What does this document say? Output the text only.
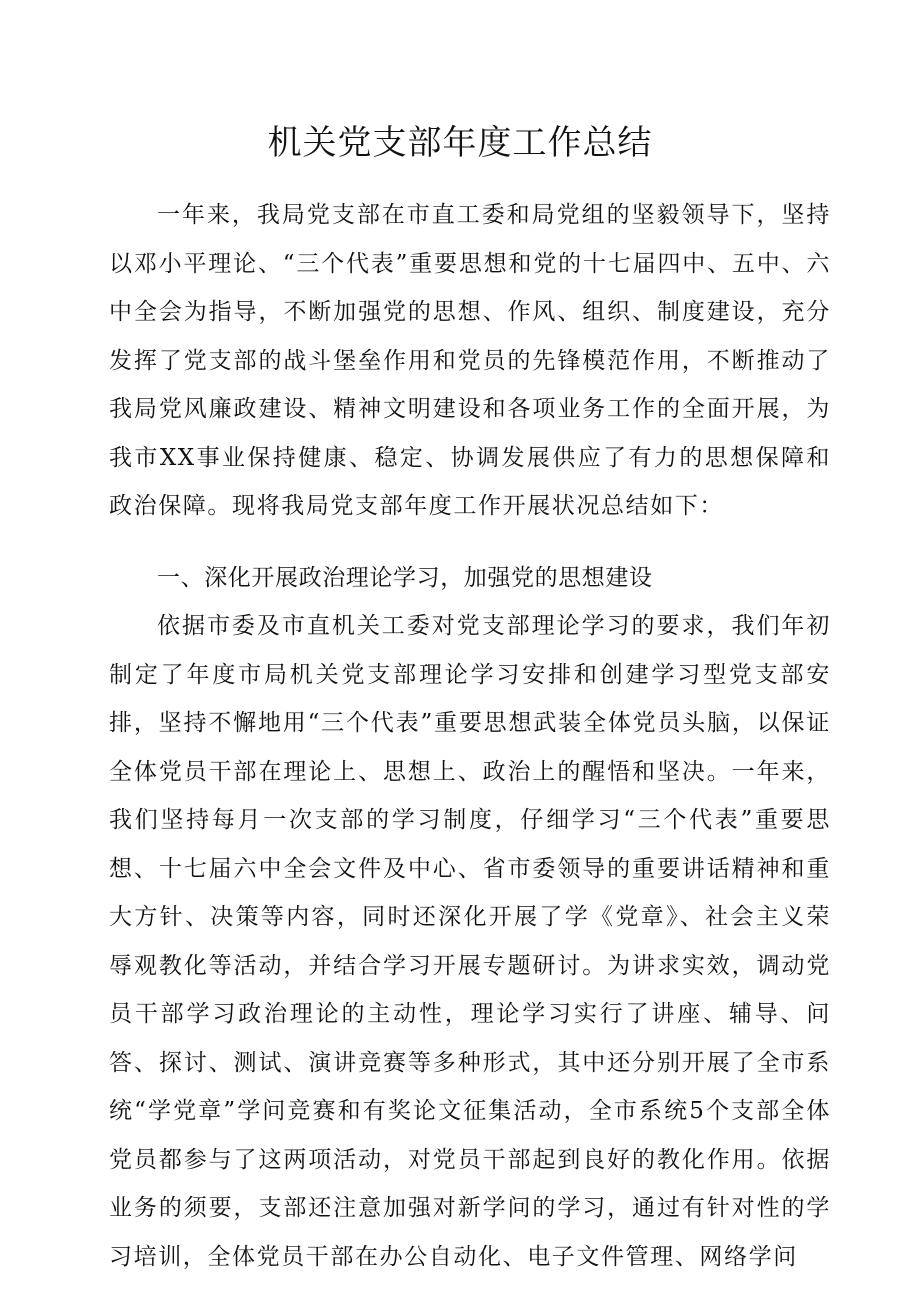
机关党支部年度工作总结

一年来，我局党支部在市直工委和局党组的坚毅领导下，坚持以邓小平理论、“三个代表”重要思想和党的十七届四中、五中、六中全会为指导，不断加强党的思想、作风、组织、制度建设，充分发挥了党支部的战斗堡垒作用和党员的先锋模范作用，不断推动了我局党风廉政建设、精神文明建设和各项业务工作的全面开展，为我市XX事业保持健康、稳定、协调发展供应了有力的思想保障和政治保障。现将我局党支部年度工作开展状况总结如下：

一、深化开展政治理论学习，加强党的思想建设

依据市委及市直机关工委对党支部理论学习的要求，我们年初制定了年度市局机关党支部理论学习安排和创建学习型党支部安排，坚持不懈地用“三个代表”重要思想武装全体党员头脑，以保证全体党员干部在理论上、思想上、政治上的醒悟和坚决。一年来，我们坚持每月一次支部的学习制度，仔细学习“三个代表”重要思想、十七届六中全会文件及中心、省市委领导的重要讲话精神和重大方针、决策等内容，同时还深化开展了学《党章》、社会主义荣辱观教化等活动，并结合学习开展专题研讨。为讲求实效，调动党员干部学习政治理论的主动性，理论学习实行了讲座、辅导、问答、探讨、测试、演讲竞赛等多种形式，其中还分别开展了全市系统“学党章”学问竞赛和有奖论文征集活动，全市系统5个支部全体党员都参与了这两项活动，对党员干部起到良好的教化作用。依据业务的须要，支部还注意加强对新学问的学习，通过有针对性的学习培训，全体党员干部在办公自动化、电子文件管理、网络学问
